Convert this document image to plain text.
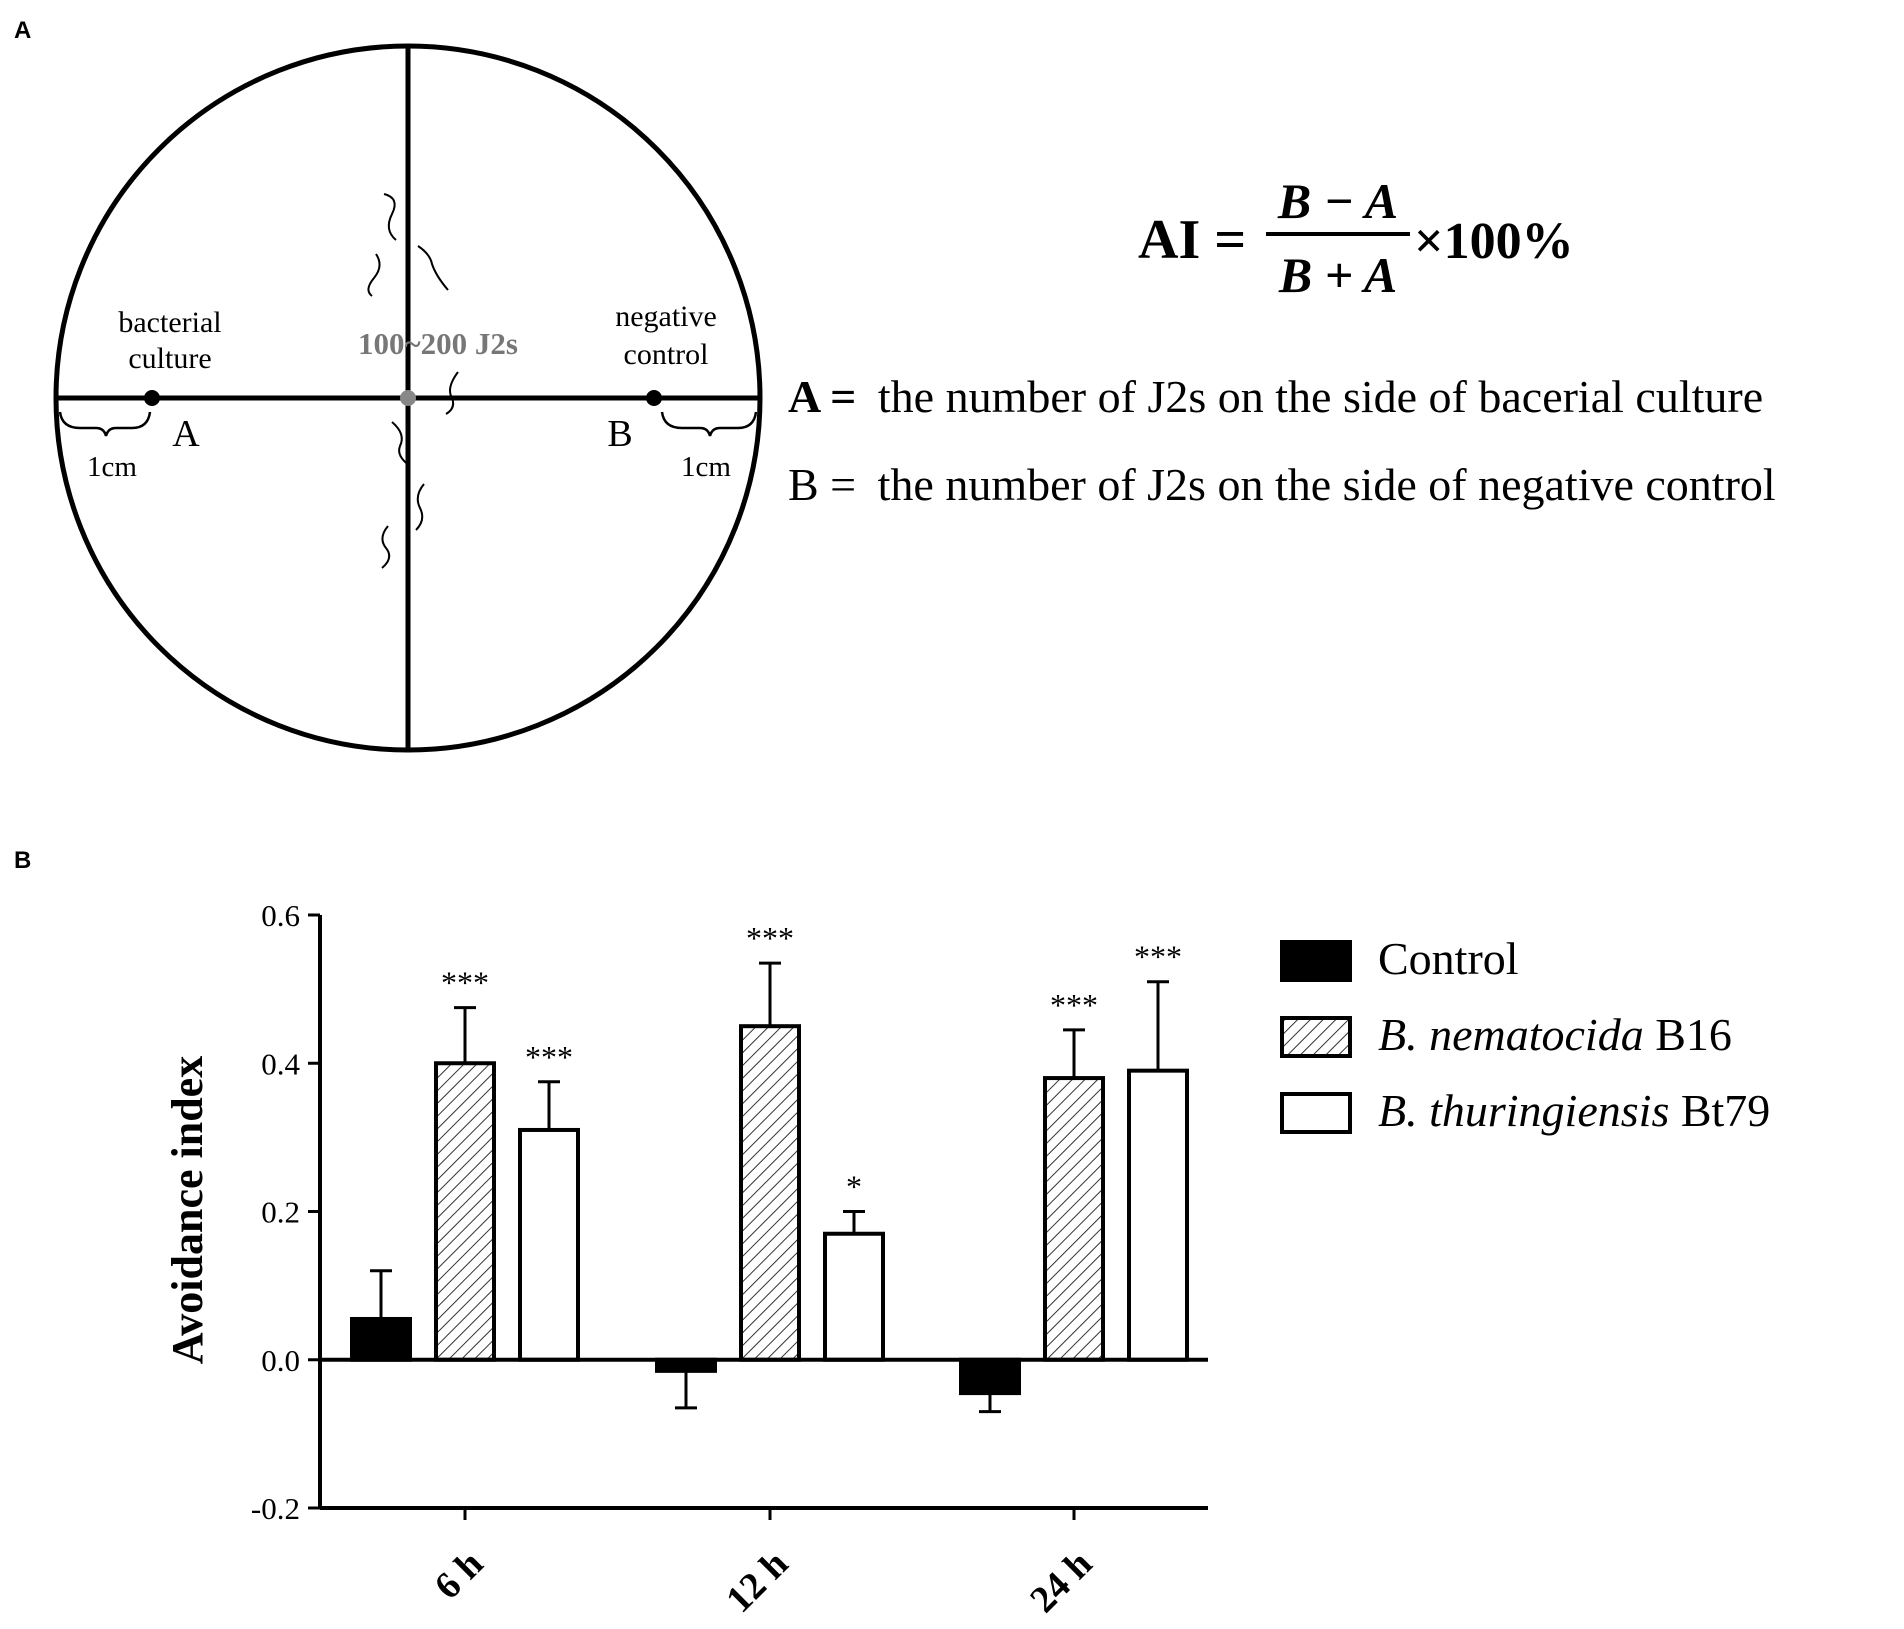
A
bacterial
culture
negative
control
100~200 J2s
A	B
1cm	1cm
AI =
B − A
B + A
×100%
A = the number of J2s on the side of bacerial culture
B = the number of J2s on the side of negative control
B
Avoidance index
-0.2
0.0
0.2
0.4
0.6
***
***
***
*
***
***
6 h	12 h	24 h
Control
B. nematocida B16
B. thuringiensis Bt79
